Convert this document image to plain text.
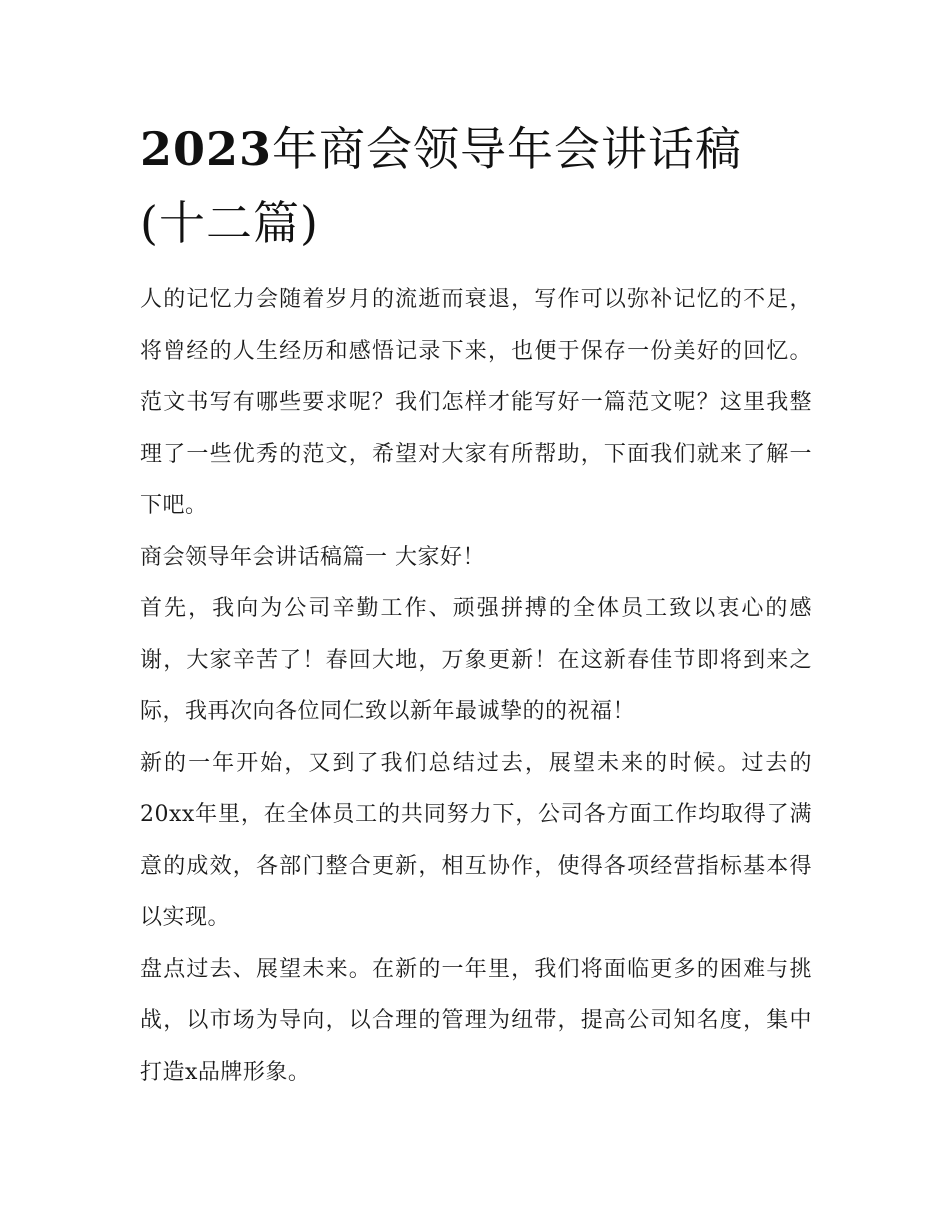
2023年商会领导年会讲话稿
(十二篇)

人的记忆力会随着岁月的流逝而衰退，写作可以弥补记忆的不足，将曾经的人生经历和感悟记录下来，也便于保存一份美好的回忆。范文书写有哪些要求呢？我们怎样才能写好一篇范文呢？这里我整理了一些优秀的范文，希望对大家有所帮助，下面我们就来了解一下吧。

商会领导年会讲话稿篇一 大家好！

首先，我向为公司辛勤工作、顽强拼搏的全体员工致以衷心的感谢，大家辛苦了！春回大地，万象更新！在这新春佳节即将到来之际，我再次向各位同仁致以新年最诚挚的的祝福！

新的一年开始，又到了我们总结过去，展望未来的时候。过去的20xx年里，在全体员工的共同努力下，公司各方面工作均取得了满意的成效，各部门整合更新，相互协作，使得各项经营指标基本得以实现。

盘点过去、展望未来。在新的一年里，我们将面临更多的困难与挑战，以市场为导向，以合理的管理为纽带，提高公司知名度，集中打造x品牌形象。
